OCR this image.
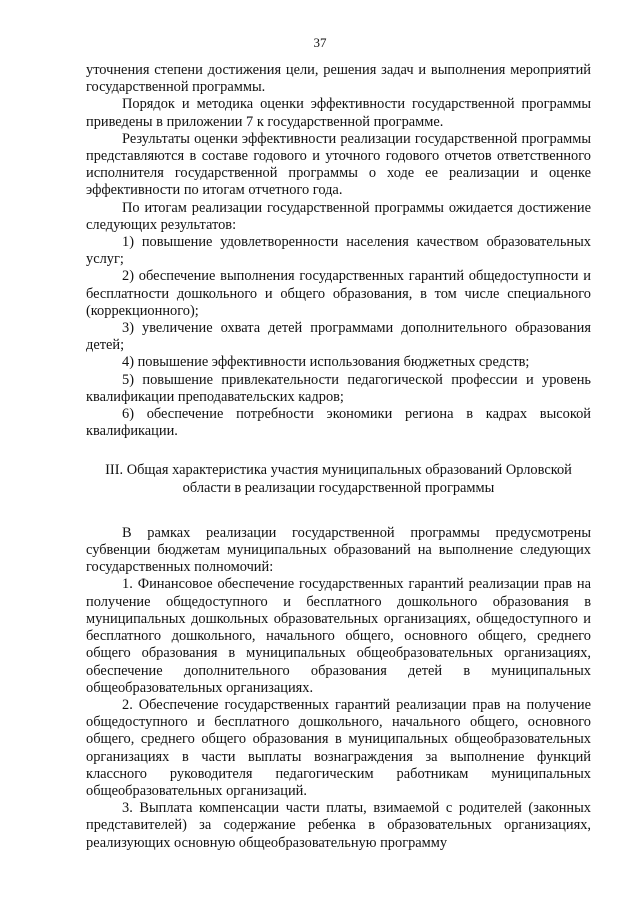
37

уточнения степени достижения цели, решения задач и выполнения мероприятий государственной программы.

Порядок и методика оценки эффективности государственной программы приведены в приложении 7 к государственной программе.

Результаты оценки эффективности реализации государственной программы представляются в составе годового и уточного годового отчетов ответственного исполнителя государственной программы о ходе ее реализации и оценке эффективности по итогам отчетного года.

По итогам реализации государственной программы ожидается достижение следующих результатов:

1) повышение удовлетворенности населения качеством образовательных услуг;

2) обеспечение выполнения государственных гарантий общедоступности и бесплатности дошкольного и общего образования, в том числе специального (коррекционного);

3) увеличение охвата детей программами дополнительного образования детей;

4) повышение эффективности использования бюджетных средств;

5) повышение привлекательности педагогической профессии и уровень квалификации преподавательских кадров;

6) обеспечение потребности экономики региона в кадрах высокой квалификации.

III. Общая характеристика участия муниципальных образований Орловской
области в реализации государственной программы

В рамках реализации государственной программы предусмотрены субвенции бюджетам муниципальных образований на выполнение следующих государственных полномочий:

1. Финансовое обеспечение государственных гарантий реализации прав на получение общедоступного и бесплатного дошкольного образования в муниципальных дошкольных образовательных организациях, общедоступного и бесплатного дошкольного, начального общего, основного общего, среднего общего образования в муниципальных общеобразовательных организациях, обеспечение дополнительного образования детей в муниципальных общеобразовательных организациях.

2. Обеспечение государственных гарантий реализации прав на получение общедоступного и бесплатного дошкольного, начального общего, основного общего, среднего общего образования в муниципальных общеобразовательных организациях в части выплаты вознаграждения за выполнение функций классного руководителя педагогическим работникам муниципальных общеобразовательных организаций.

3. Выплата компенсации части платы, взимаемой с родителей (законных представителей) за содержание ребенка в образовательных организациях, реализующих основную общеобразовательную программу
